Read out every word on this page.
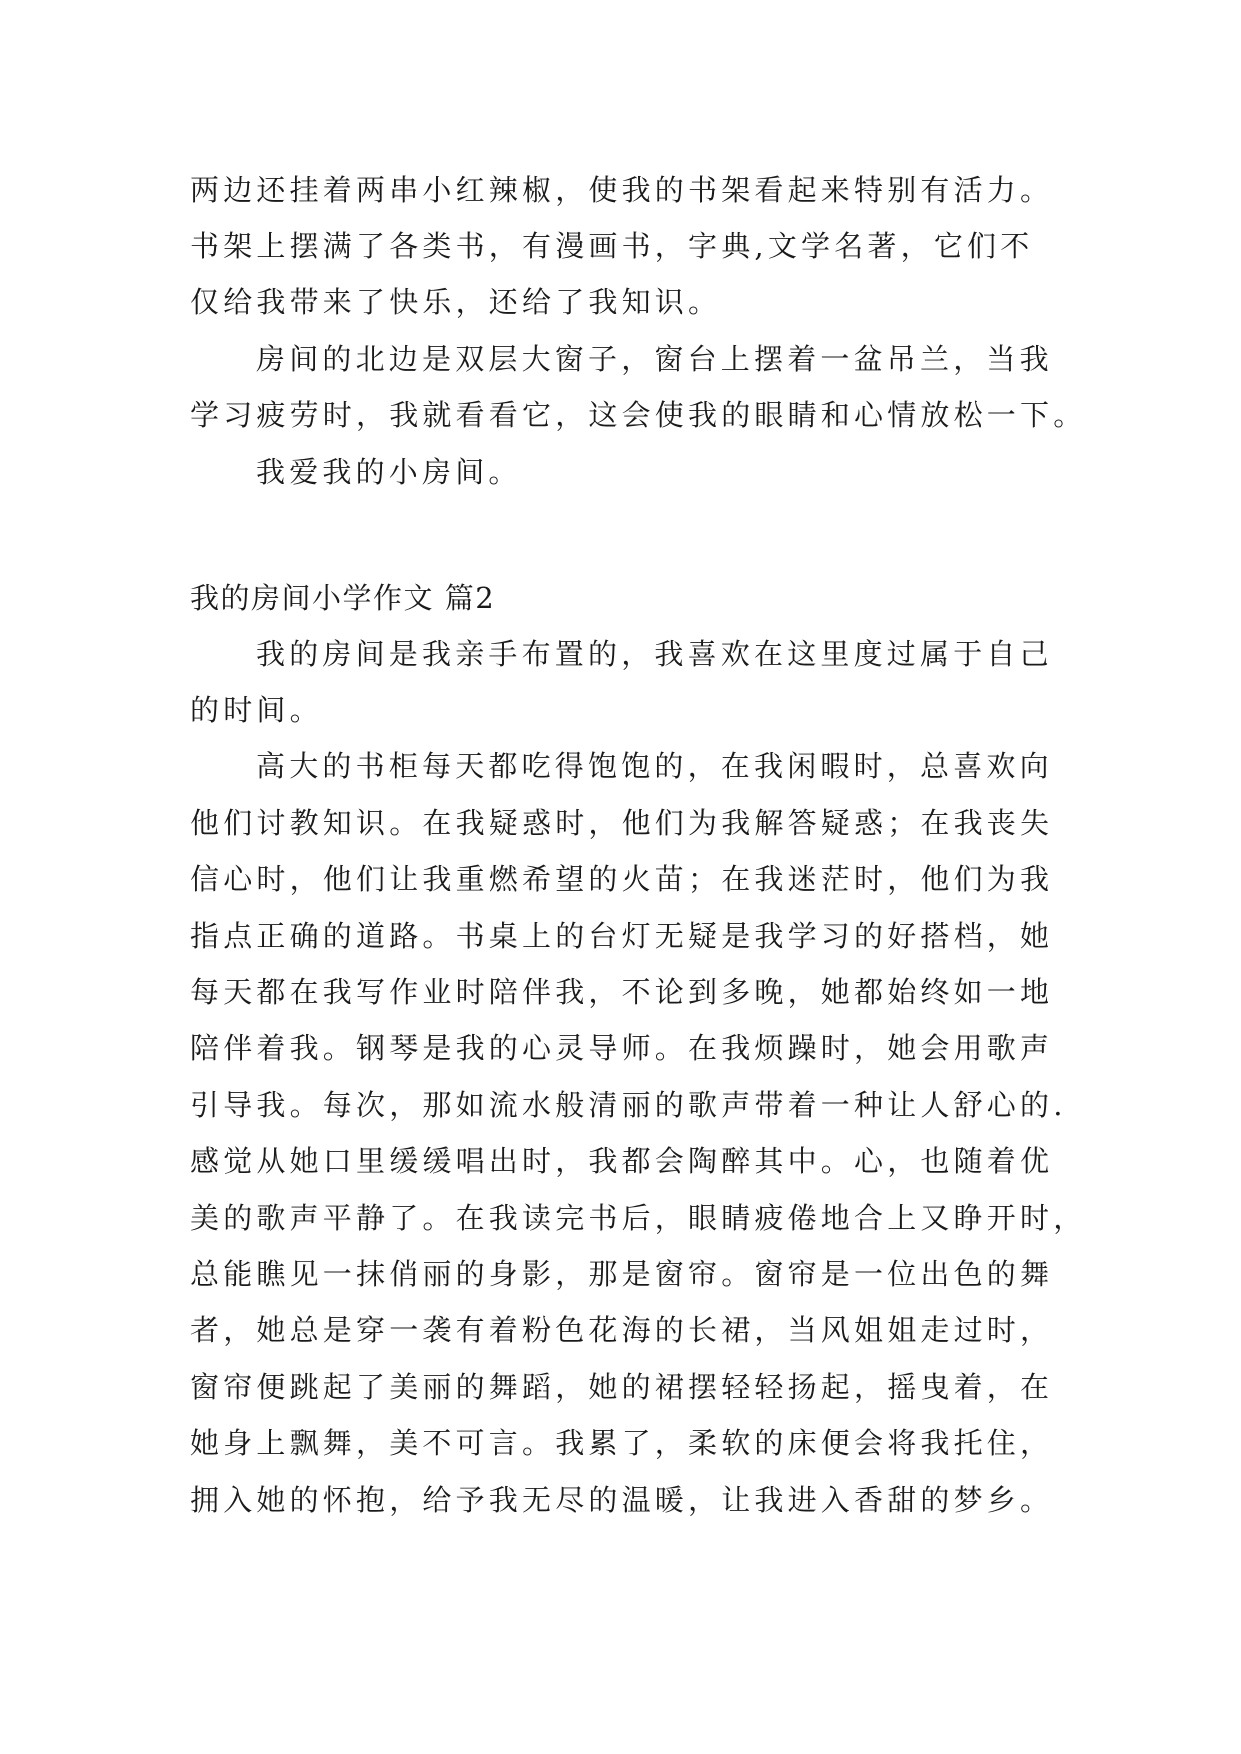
两边还挂着两串小红辣椒，使我的书架看起来特别有活力。
书架上摆满了各类书，有漫画书，字典,文学名著，它们不
仅给我带来了快乐，还给了我知识。
房间的北边是双层大窗子，窗台上摆着一盆吊兰，当我
学习疲劳时，我就看看它，这会使我的眼睛和心情放松一下。
我爱我的小房间。
我的房间小学作文 篇2
我的房间是我亲手布置的，我喜欢在这里度过属于自己
的时间。
高大的书柜每天都吃得饱饱的，在我闲暇时，总喜欢向
他们讨教知识。在我疑惑时，他们为我解答疑惑；在我丧失
信心时，他们让我重燃希望的火苗；在我迷茫时，他们为我
指点正确的道路。书桌上的台灯无疑是我学习的好搭档，她
每天都在我写作业时陪伴我，不论到多晚，她都始终如一地
陪伴着我。钢琴是我的心灵导师。在我烦躁时，她会用歌声
引导我。每次，那如流水般清丽的歌声带着一种让人舒心的.
感觉从她口里缓缓唱出时，我都会陶醉其中。心，也随着优
美的歌声平静了。在我读完书后，眼睛疲倦地合上又睁开时，
总能瞧见一抹俏丽的身影，那是窗帘。窗帘是一位出色的舞
者，她总是穿一袭有着粉色花海的长裙，当风姐姐走过时，
窗帘便跳起了美丽的舞蹈，她的裙摆轻轻扬起，摇曳着，在
她身上飘舞，美不可言。我累了，柔软的床便会将我托住，
拥入她的怀抱，给予我无尽的温暖，让我进入香甜的梦乡。
